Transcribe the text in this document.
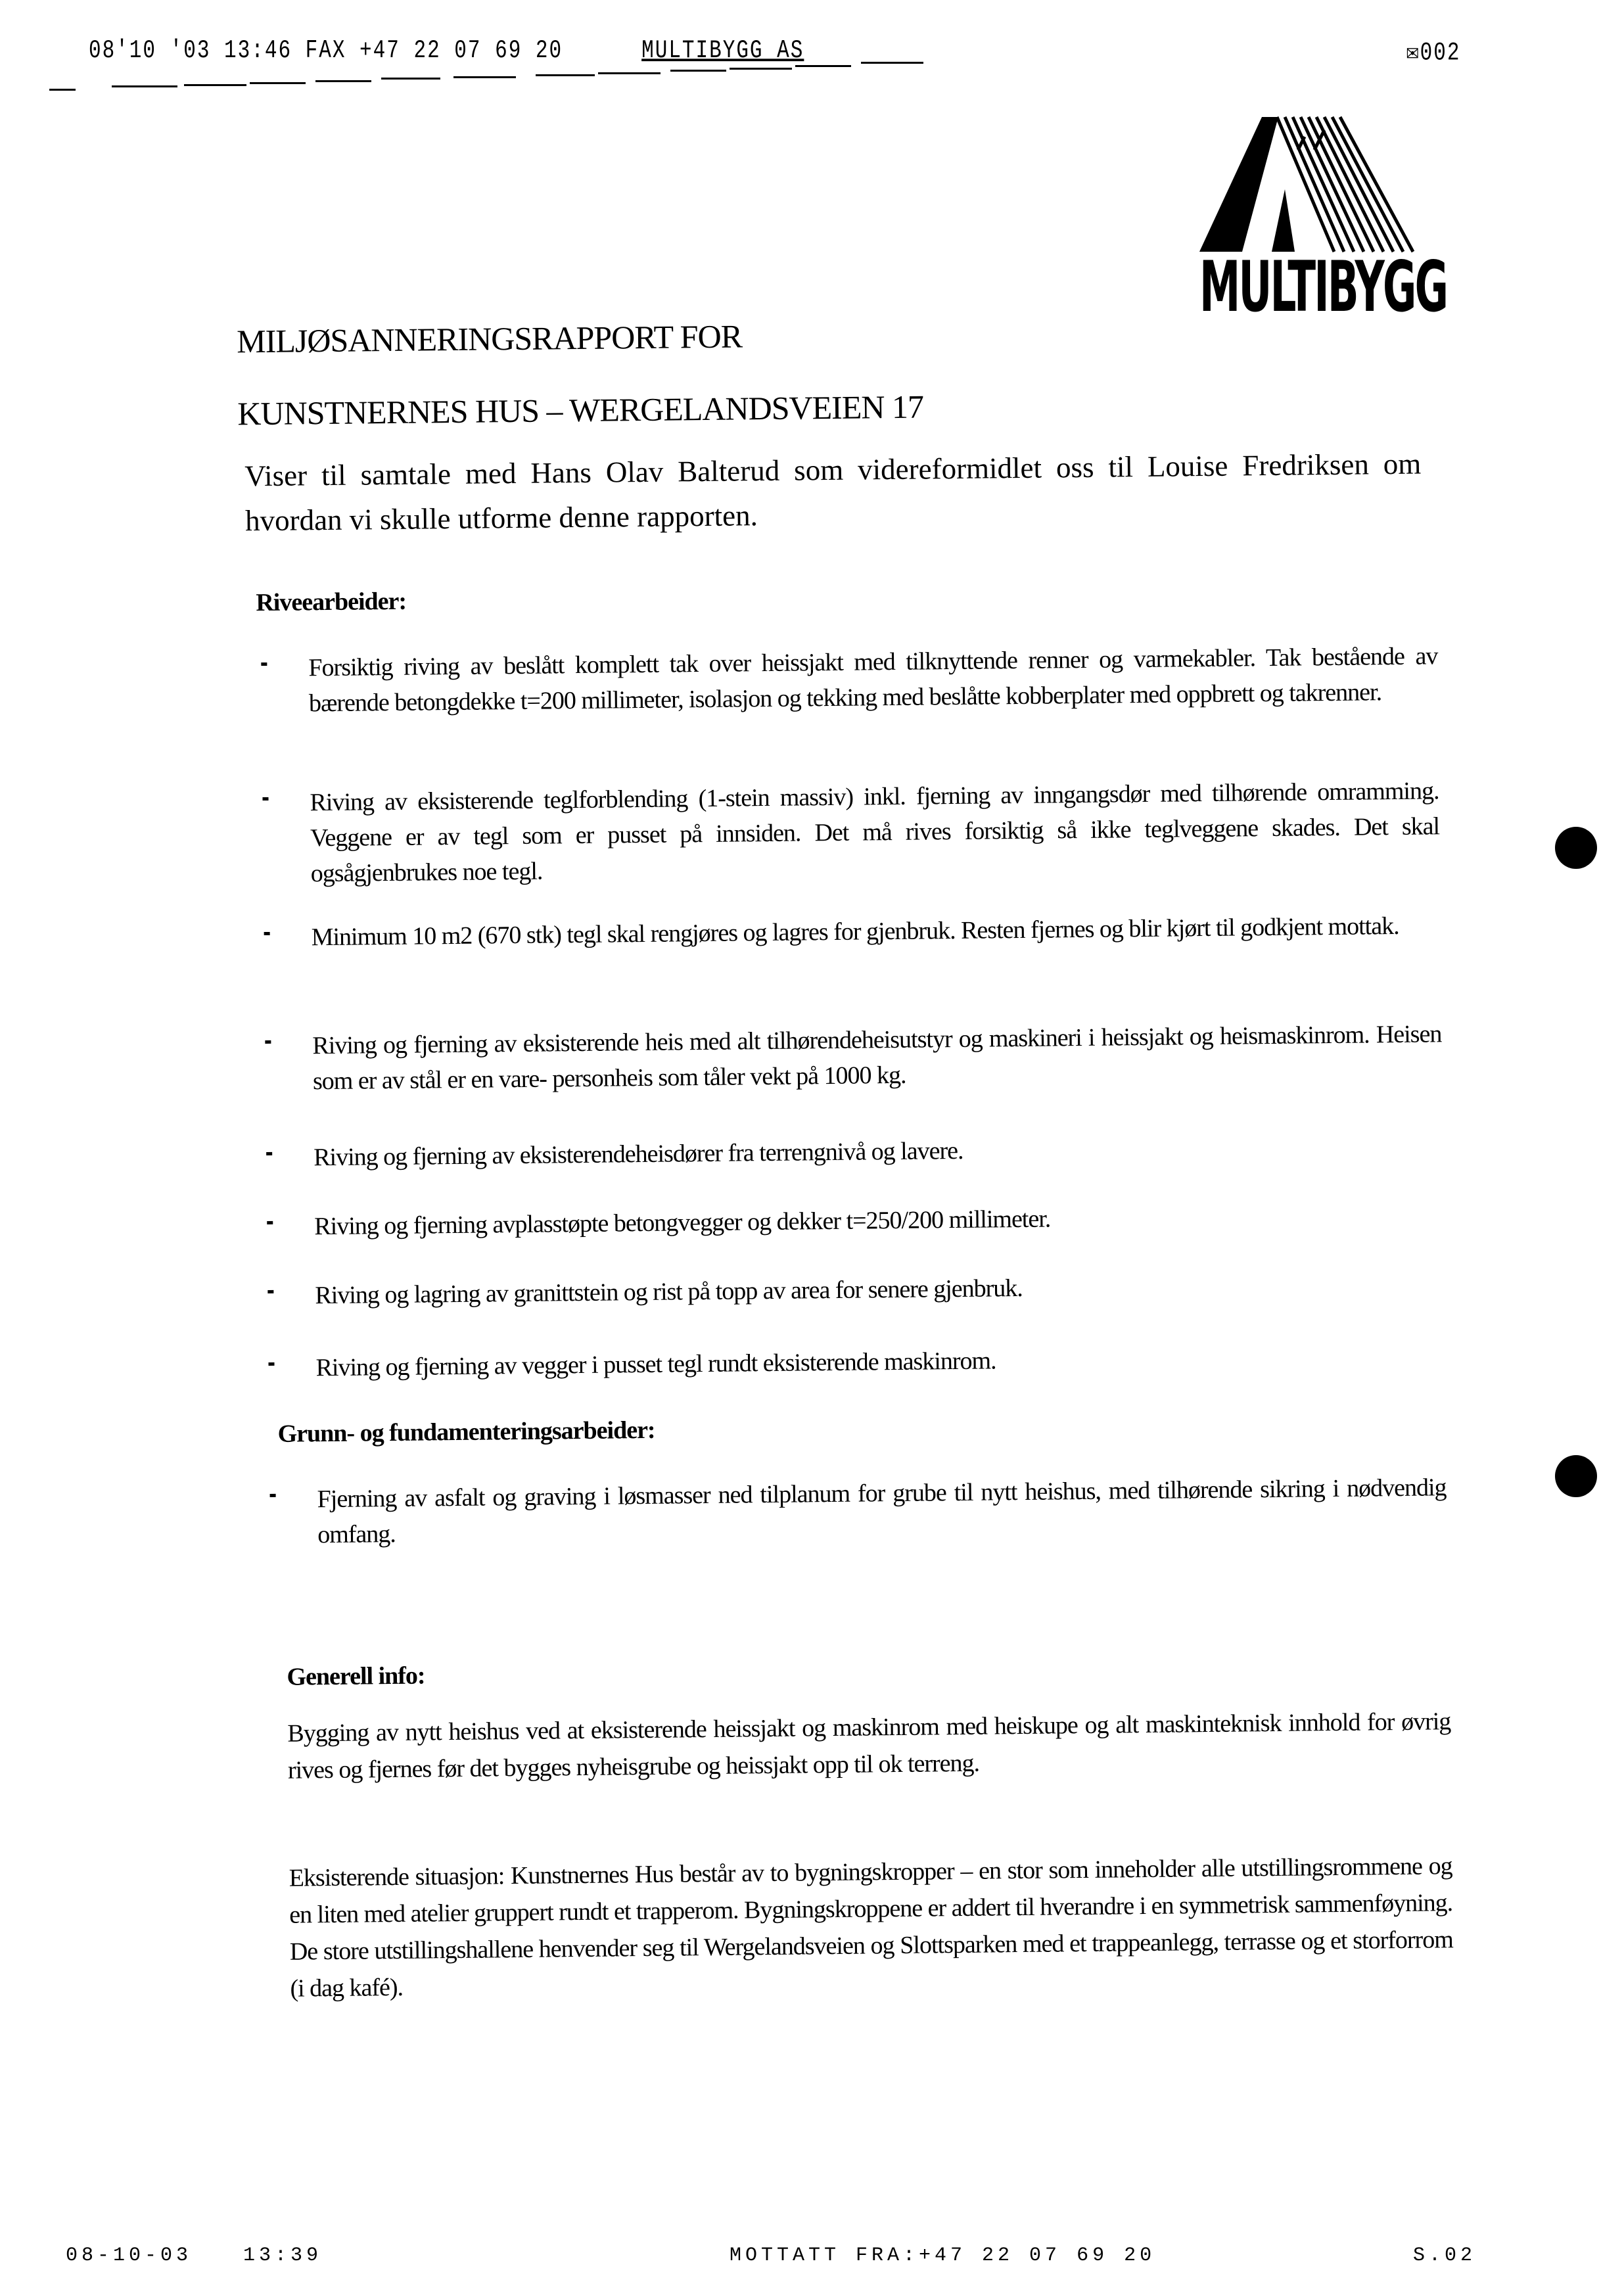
08'10 '03 13:46 FAX +47 22 07 69 20	MULTIBYGG AS	✉002
MULTIBYGG
MILJØSANNERINGSRAPPORT FOR
KUNSTNERNES HUS – WERGELANDSVEIEN 17
Viser til samtale med Hans Olav Balterud som videreformidlet oss til Louise Fredriksen om hvordan vi skulle utforme denne rapporten.
Riveearbeider:
Forsiktig riving av beslått komplett tak over heissjakt med tilknyttende renner og varmekabler. Tak bestående av bærende betongdekke t=200 millimeter, isolasjon og tekking med beslåtte kobberplater med oppbrett og takrenner.
Riving av eksisterende teglforblending (1-stein massiv) inkl. fjerning av inngangsdør med tilhørende omramming. Veggene er av tegl som er pusset på innsiden. Det må rives forsiktig så ikke teglveggene skades. Det skal ogsågjenbrukes noe tegl.
Minimum 10 m2 (670 stk) tegl skal rengjøres og lagres for gjenbruk. Resten fjernes og blir kjørt til godkjent mottak.
Riving og fjerning av eksisterende heis med alt tilhørendeheisutstyr og maskineri i heissjakt og heismaskinrom. Heisen som er av stål er en vare- personheis som tåler vekt på 1000 kg.
Riving og fjerning av eksisterendeheisdører fra terrengnivå og lavere.
Riving og fjerning avplasstøpte betongvegger og dekker t=250/200 millimeter.
Riving og lagring av granittstein og rist på topp av area for senere gjenbruk.
Riving og fjerning av vegger i pusset tegl rundt eksisterende maskinrom.
Grunn- og fundamenteringsarbeider:
Fjerning av asfalt og graving i løsmasser ned tilplanum for grube til nytt heishus, med tilhørende sikring i nødvendig omfang.
Generell info:
Bygging av nytt heishus ved at eksisterende heissjakt og maskinrom med heiskupe og alt maskinteknisk innhold for øvrig rives og fjernes før det bygges nyheisgrube og heissjakt opp til ok terreng.
Eksisterende situasjon: Kunstnernes Hus består av to bygningskropper – en stor som inneholder alle utstillingsrommene og en liten med atelier gruppert rundt et trapperom. Bygningskroppene er addert til hverandre i en symmetrisk sammenføyning. De store utstillingshallene henvender seg til Wergelandsveien og Slottsparken med et trappeanlegg, terrasse og et storforrom (i dag kafé).
08-10-03	13:39	MOTTATT FRA:+47 22 07 69 20	S.02
